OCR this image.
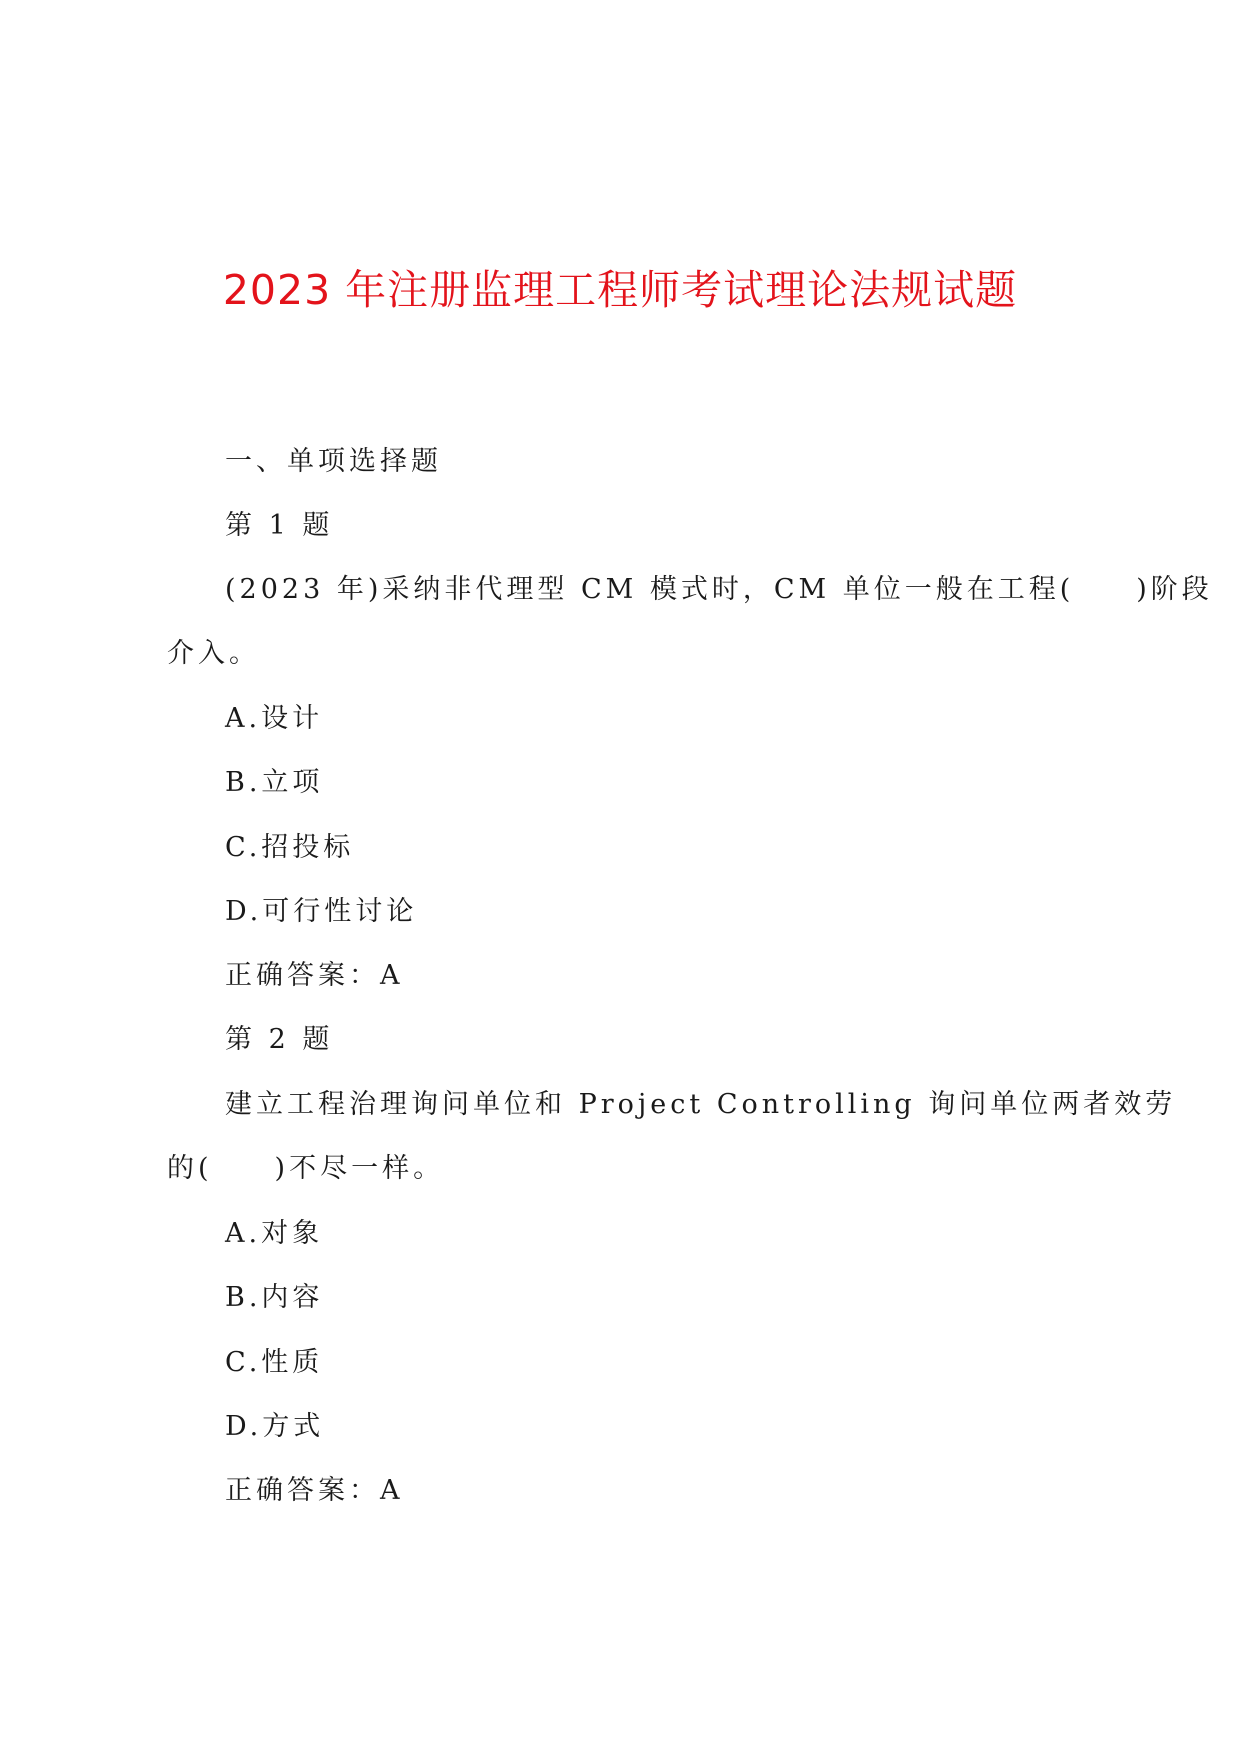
2023 年注册监理工程师考试理论法规试题
一、单项选择题
第 1 题
(2023 年)采纳非代理型 CM 模式时，CM 单位一般在工程(　　)阶段
介入。
A.设计
B.立项
C.招投标
D.可行性讨论
正确答案：A
第 2 题
建立工程治理询问单位和 Project Controlling 询问单位两者效劳
的(　　)不尽一样。
A.对象
B.内容
C.性质
D.方式
正确答案：A
